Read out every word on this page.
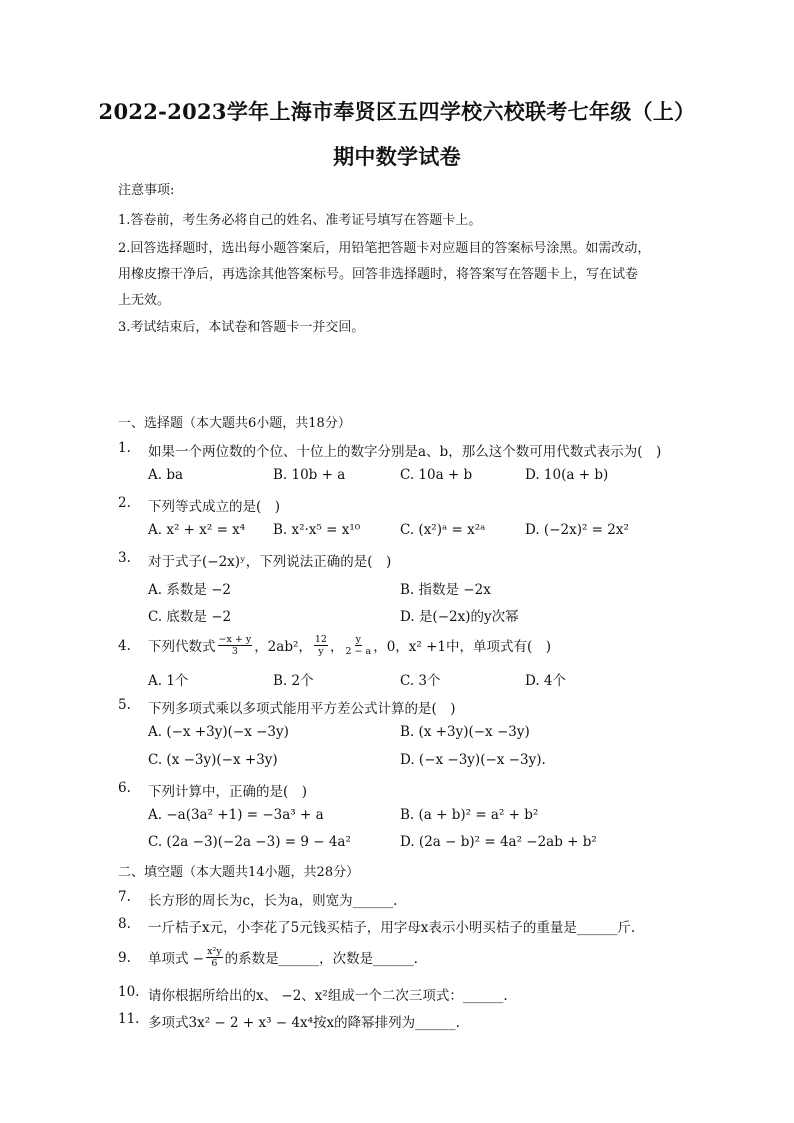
2022-2023学年上海市奉贤区五四学校六校联考七年级（上）
期中数学试卷
注意事项:
1.答卷前，考生务必将自己的姓名、准考证号填写在答题卡上。
2.回答选择题时，选出每小题答案后，用铅笔把答题卡对应题目的答案标号涂黑。如需改动，
用橡皮擦干净后，再选涂其他答案标号。回答非选择题时，将答案写在答题卡上，写在试卷
上无效。
3.考试结束后，本试卷和答题卡一并交回。
一、选择题（本大题共6小题，共18分）
1. 如果一个两位数的个位、十位上的数字分别是a、b，那么这个数可用代数式表示为(　)
A. ba	B. 10b + a	C. 10a + b	D. 10(a + b)
2. 下列等式成立的是(　)
A. x² + x² = x⁴ B. x²·x⁵ = x¹⁰	C. (x²)ᵃ = x²ᵃ	D. (−2x)² = 2x²
3. 对于式子(−2x)ʸ，下列说法正确的是(　)
A. 系数是 −2	B. 指数是 −2x
C. 底数是 −2	D. 是(−2x)的y次幂
4. 下列代数式 $\frac{-x + y}{3}$ ，2ab²， $\frac{12}{y}$ ， $\frac{y}{2 - a}$ ，0，x² +1中，单项式有(　)
A. 1个	B. 2个	C. 3个	D. 4个
5. 下列多项式乘以多项式能用平方差公式计算的是(　)
A. (−x +3y)(−x −3y)	B. (x +3y)(−x −3y)
C. (x −3y)(−x +3y)	D. (−x −3y)(−x −3y).
6. 下列计算中，正确的是(　)
A. −a(3a² +1) = −3a³ + a	B. (a + b)² = a² + b²
C. (2a −3)(−2a −3) = 9 − 4a²	D. (2a − b)² = 4a² −2ab + b²
二、填空题（本大题共14小题，共28分）
7. 长方形的周长为c，长为a，则宽为______.
8. 一斤桔子x元，小李花了5元钱买桔子，用字母x表示小明买桔子的重量是______斤.
9. 单项式 − $\frac{\text{x²y}}{6}$ 的系数是______，次数是______.
10. 请你根据所给出的x、 −2、x²组成一个二次三项式：______.
11. 多项式3x² − 2 + x³ − 4x⁴按x的降幂排列为______.
